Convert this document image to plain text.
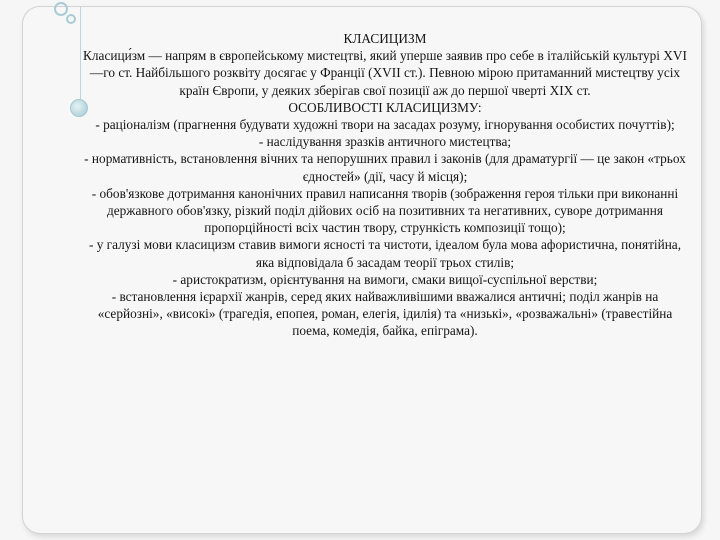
КЛАСИЦИЗМ

Класици́зм — напрям в європейському мистецтві, який уперше заявив про себе в італійській культурі XVI—го ст. Найбільшого розквіту досягає у Франції (XVII ст.). Певною мірою притаманний мистецтву усіх країн Європи, у деяких зберігав свої позиції аж до першої чверті XIX ст.

ОСОБЛИВОСТІ КЛАСИЦИЗМУ:

- раціоналізм (прагнення будувати художні твори на засадах розуму, ігнорування особистих почуттів);

- наслідування зразків античного мистецтва;

- нормативність, встановлення вічних та непорушних правил і законів (для драматургії — це закон «трьох єдностей» (дії, часу й місця);

- обов'язкове дотримання канонічних правил написання творів (зображення героя тільки при виконанні державного обов'язку, різкий поділ дійових осіб на позитивних та негативних, суворе дотримання пропорційності всіх частин твору, стрункість композиції тощо);

- у галузі мови класицизм ставив вимоги ясності та чистоти, ідеалом була мова афористична, понятійна, яка відповідала б засадам теорії трьох стилів;

- аристократизм, орієнтування на вимоги, смаки вищої-суспільної верстви;

- встановлення ієрархії жанрів, серед яких найважливішими вважалися античні; поділ жанрів на «серйозні», «високі» (трагедія, епопея, роман, елегія, ідилія) та «низькі», «розважальні» (травестійна поема, комедія, байка, епіграма).
